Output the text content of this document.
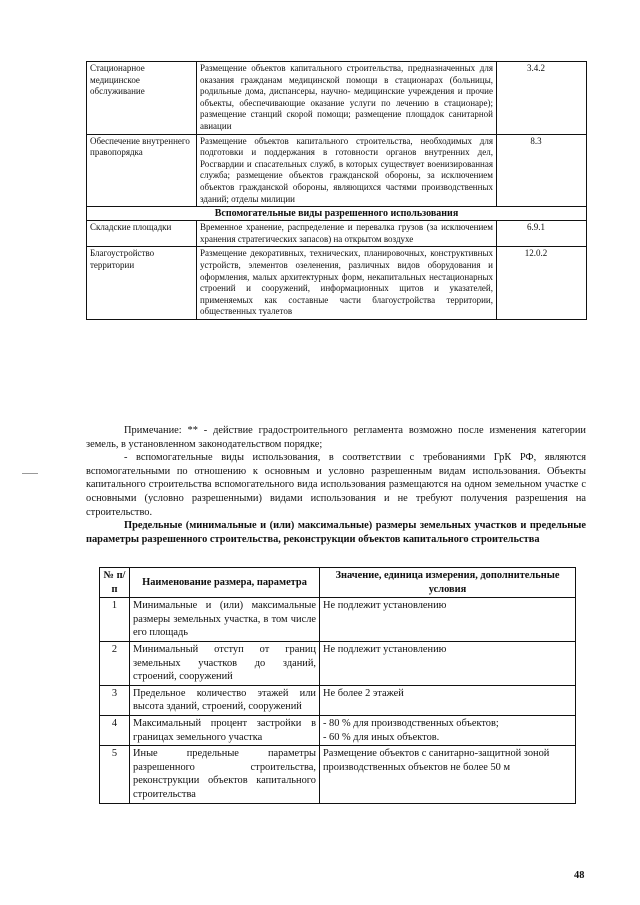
Стационарное медицинское обслуживание	Размещение объектов капитального строительства, предназначенных для оказания гражданам медицинской помощи в стационарах (больницы, родильные дома, диспансеры, научно- медицинские учреждения и прочие объекты, обеспечивающие оказание услуги по лечению в стационаре); размещение станций скорой помощи; размещение площадок санитарной авиации	3.4.2
Обеспечение внутреннего правопорядка	Размещение объектов капитального строительства, необходимых для подготовки и поддержания в готовности органов внутренних дел, Росгвардии и спасательных служб, в которых существует военизированная служба; размещение объектов гражданской обороны, за исключением объектов гражданской обороны, являющихся частями производственных зданий; отделы милиции	8.3
Вспомогательные виды разрешенного использования		
Складские площадки	Временное хранение, распределение и перевалка грузов (за исключением хранения стратегических запасов) на открытом воздухе	6.9.1
Благоустройство территории	Размещение декоративных, технических, планировочных, конструктивных устройств, элементов озеленения, различных видов оборудования и оформления, малых архитектурных форм, некапитальных нестационарных строений и сооружений, информационных щитов и указателей, применяемых как составные части благоустройства территории, общественных туалетов	12.0.2

Примечание: ** - действие градостроительного регламента возможно после изменения категории земель, в установленном законодательством порядке;

- вспомогательные виды использования, в соответствии с требованиями ГрК РФ, являются вспомогательными по отношению к основным и условно разрешенным видам использования. Объекты капитального строительства вспомогательного вида использования размещаются на одном земельном участке с основными (условно разрешенными) видами использования и не требуют получения разрешения на строительство.

Предельные (минимальные и (или) максимальные) размеры земельных участков и предельные параметры разрешенного строительства, реконструкции объектов капитального строительства

№ п/п	Наименование размера, параметра	Значение, единица измерения, дополнительные условия
1	Минимальные и (или) максимальные размеры земельных участка, в том числе его площадь	Не подлежит установлению
2	Минимальный отступ от границ земельных участков до зданий, строений, сооружений	Не подлежит установлению
3	Предельное количество этажей или высота зданий, строений, сооружений	Не более 2 этажей
4	Максимальный процент застройки в границах земельного участка	- 80 % для производственных объектов;
- 60 % для иных объектов.

5	Иные предельные параметры разрешенного строительства, реконструкции объектов капитального строительства	Размещение объектов с санитарно-защитной зоной производственных объектов не более 50 м
48
